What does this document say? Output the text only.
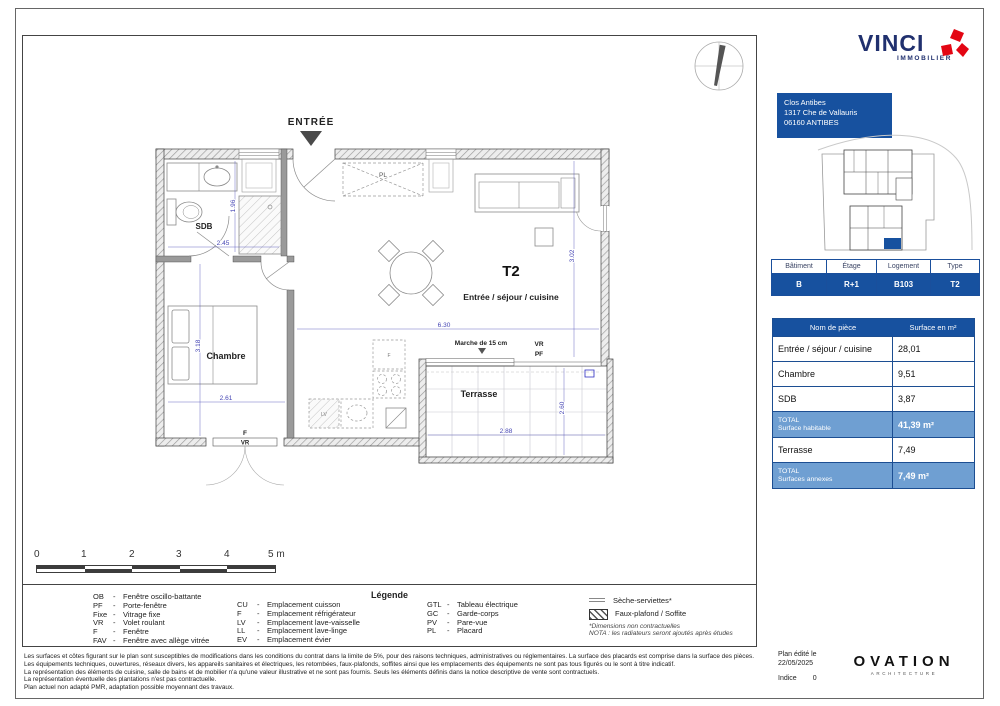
ENTRÉE
LV
F
1.96
2.45
3.18
2.61
6.30
3.02
2.88
2.60
SDB
Chambre
T2
Entrée / séjour / cuisine
Terrasse
PL
Marche de 15 cm	VR
PF
F
VR
0	1	2	3	4	5 m
Légende
OB	-	Fenêtre oscillo-battante
PF	-	Porte-fenêtre
Fixe -	Vitrage fixe
VR	-	Volet roulant
F	-	Fenêtre
FAV -	Fenêtre avec allège vitrée
CU	-	Emplacement cuisson
F	-	Emplacement réfrigérateur
LV	-	Emplacement lave-vaisselle
LL	-	Emplacement lave-linge
EV	-	Emplacement évier
GTL -	Tableau électrique
GC	-	Garde-corps
PV	-	Pare-vue
PL	-	Placard
Sèche-serviettes*
Faux-plafond / Soffite
*Dimensions non contractuelles
NOTA : les radiateurs seront ajoutés après études
VINCI
IMMOBILIER
Clos Antibes
1317 Che de Vallauris
06160 ANTIBES
Bâtiment	Étage	Logement	Type
B	R+1	B103	T2
Nom de pièce	Surface en m²
Entrée / séjour / cuisine	28,01
Chambre	9,51
SDB	3,87
TOTAL
Surface habitable	41,39 m²
Terrasse	7,49
TOTAL
Surfaces annexes	7,49 m²
Les surfaces et côtes figurant sur le plan sont susceptibles de modifications dans les conditions du contrat dans la limite de 5%, pour des raisons techniques, administratives ou réglementaires. La surface des placards est comprise dans la surface des pièces.
Les équipements techniques, ouvertures, réseaux divers, les appareils sanitaires et électriques, les retombées, faux-plafonds, soffites ainsi que les emplacements des équipements ne sont pas tous figurés ou le sont à titre indicatif.
La représentation des éléments de cuisine, salle de bains et de mobilier n'a qu'une valeur illustrative et ne sont pas fournis. Seuls les éléments définis dans la notice descriptive de vente sont contractuels.
La représentation éventuelle des plantations n'est pas contractuelle.
Plan actuel non adapté PMR, adaptation possible moyennant des travaux.
Plan édité le
22/05/2025
Indice 0
OVATION
ARCHITECTURE
